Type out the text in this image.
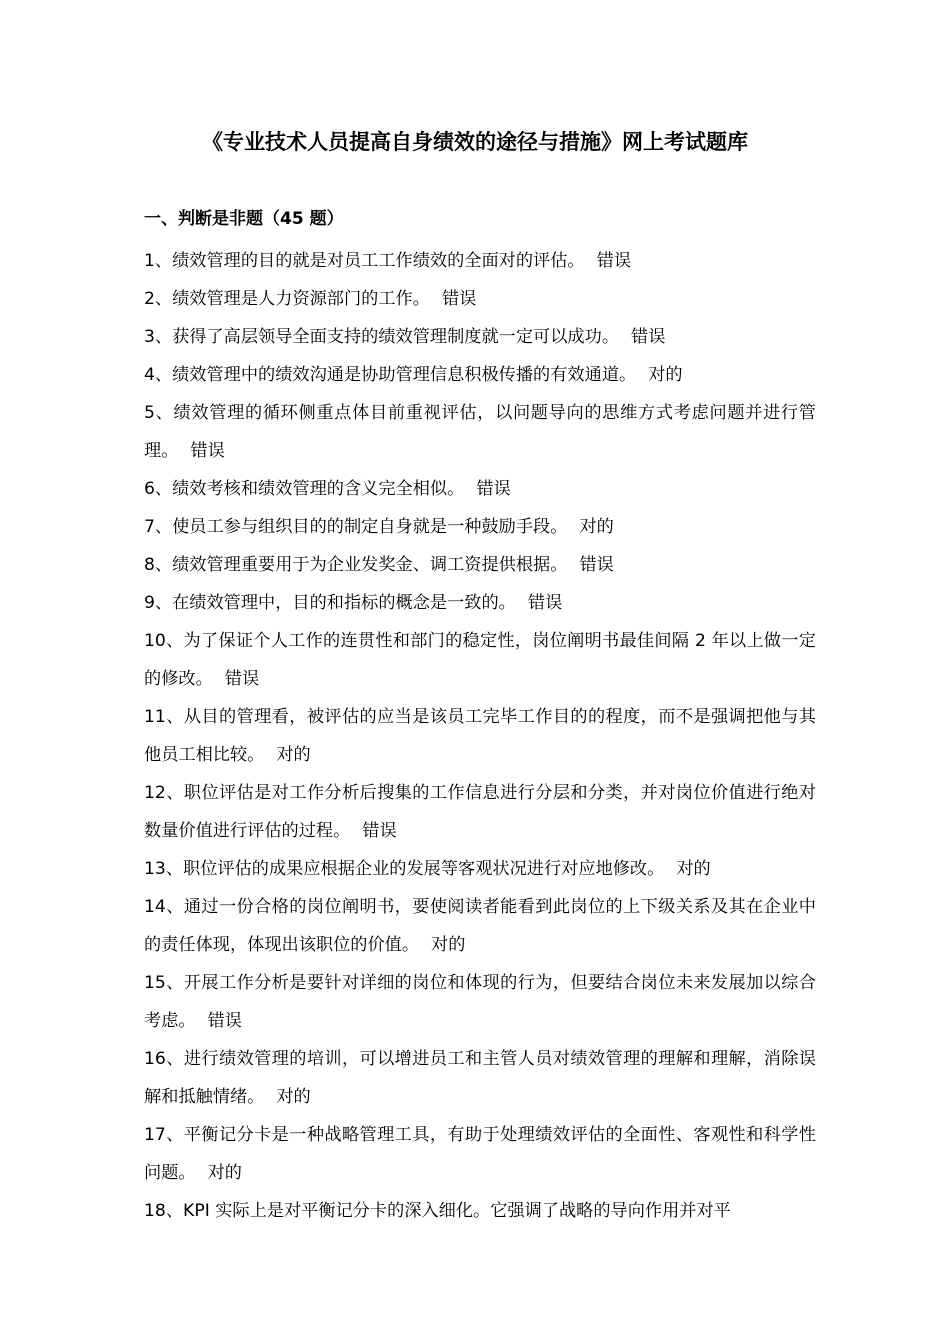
《专业技术人员提高自身绩效的途径与措施》网上考试题库
一、判断是非题（45 题）
1、绩效管理的目的就是对员工工作绩效的全面对的评估。 错误
2、绩效管理是人力资源部门的工作。 错误
3、获得了高层领导全面支持的绩效管理制度就一定可以成功。 错误
4、绩效管理中的绩效沟通是协助管理信息积极传播的有效通道。 对的
5、绩效管理的循环侧重点体目前重视评估，以问题导向的思维方式考虑问题并进行管理。 错误
6、绩效考核和绩效管理的含义完全相似。 错误
7、使员工参与组织目的的制定自身就是一种鼓励手段。 对的
8、绩效管理重要用于为企业发奖金、调工资提供根据。 错误
9、在绩效管理中，目的和指标的概念是一致的。 错误
10、为了保证个人工作的连贯性和部门的稳定性，岗位阐明书最佳间隔 2 年以上做一定的修改。 错误
11、从目的管理看，被评估的应当是该员工完毕工作目的的程度，而不是强调把他与其他员工相比较。 对的
12、职位评估是对工作分析后搜集的工作信息进行分层和分类，并对岗位价值进行绝对数量价值进行评估的过程。 错误
13、职位评估的成果应根据企业的发展等客观状况进行对应地修改。 对的
14、通过一份合格的岗位阐明书，要使阅读者能看到此岗位的上下级关系及其在企业中的责任体现，体现出该职位的价值。 对的
15、开展工作分析是要针对详细的岗位和体现的行为，但要结合岗位未来发展加以综合考虑。 错误
16、进行绩效管理的培训，可以增进员工和主管人员对绩效管理的理解和理解，消除误解和抵触情绪。 对的
17、平衡记分卡是一种战略管理工具，有助于处理绩效评估的全面性、客观性和科学性问题。 对的
18、KPI 实际上是对平衡记分卡的深入细化。它强调了战略的导向作用并对平
